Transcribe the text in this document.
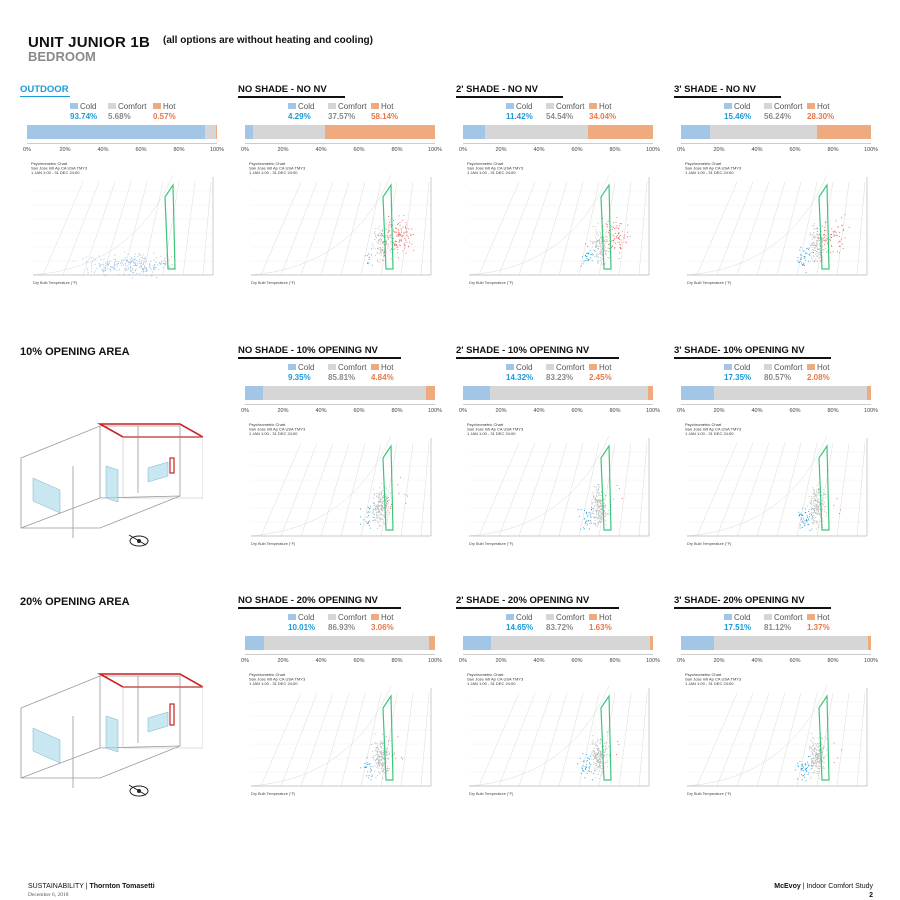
UNIT JUNIOR 1B
BEDROOM
(all options are without heating and cooling)
10% OPENING AREA
20% OPENING AREA
OUTDOOR
Cold
93.74%
Comfort
5.68%
Hot
0.57%
0%	20%	40%	60%	80%	100%
Psychrometric Chart
San Jose Intl Ap CA USA TMY3
1 JAN 1:00 - 31 DEC 24:00
Dry Bulb Temperature (°F)
NO SHADE - NO NV
Cold
4.29%
Comfort
37.57%
Hot
58.14%
0%	20%	40%	60%	80%	100%
Psychrometric Chart
San Jose Intl Ap CA USA TMY3
1 JAN 1:00 - 31 DEC 24:00
Dry Bulb Temperature (°F)
2' SHADE - NO NV
Cold
11.42%
Comfort
54.54%
Hot
34.04%
0%	20%	40%	60%	80%	100%
Psychrometric Chart
San Jose Intl Ap CA USA TMY3
1 JAN 1:00 - 31 DEC 24:00
Dry Bulb Temperature (°F)
3' SHADE - NO NV
Cold
15.46%
Comfort
56.24%
Hot
28.30%
0%	20%	40%	60%	80%	100%
Psychrometric Chart
San Jose Intl Ap CA USA TMY3
1 JAN 1:00 - 31 DEC 24:00
Dry Bulb Temperature (°F)
NO SHADE - 10% OPENING NV
Cold
9.35%
Comfort
85.81%
Hot
4.84%
0%	20%	40%	60%	80%	100%
Psychrometric Chart
San Jose Intl Ap CA USA TMY3
1 JAN 1:00 - 31 DEC 24:00
Dry Bulb Temperature (°F)
2' SHADE - 10% OPENING NV
Cold
14.32%
Comfort
83.23%
Hot
2.45%
0%	20%	40%	60%	80%	100%
Psychrometric Chart
San Jose Intl Ap CA USA TMY3
1 JAN 1:00 - 31 DEC 24:00
Dry Bulb Temperature (°F)
3' SHADE- 10% OPENING NV
Cold
17.35%
Comfort
80.57%
Hot
2.08%
0%	20%	40%	60%	80%	100%
Psychrometric Chart
San Jose Intl Ap CA USA TMY3
1 JAN 1:00 - 31 DEC 24:00
Dry Bulb Temperature (°F)
NO SHADE - 20% OPENING NV
Cold
10.01%
Comfort
86.93%
Hot
3.06%
0%	20%	40%	60%	80%	100%
Psychrometric Chart
San Jose Intl Ap CA USA TMY3
1 JAN 1:00 - 31 DEC 24:00
Dry Bulb Temperature (°F)
2' SHADE - 20% OPENING NV
Cold
14.65%
Comfort
83.72%
Hot
1.63%
0%	20%	40%	60%	80%	100%
Psychrometric Chart
San Jose Intl Ap CA USA TMY3
1 JAN 1:00 - 31 DEC 24:00
Dry Bulb Temperature (°F)
3' SHADE- 20% OPENING NV
Cold
17.51%
Comfort
81.12%
Hot
1.37%
0%	20%	40%	60%	80%	100%
Psychrometric Chart
San Jose Intl Ap CA USA TMY3
1 JAN 1:00 - 31 DEC 24:00
Dry Bulb Temperature (°F)
SUSTAINABILITY | Thornton Tomasetti
December 6, 2018
McEvoy | Indoor Comfort Study
2
